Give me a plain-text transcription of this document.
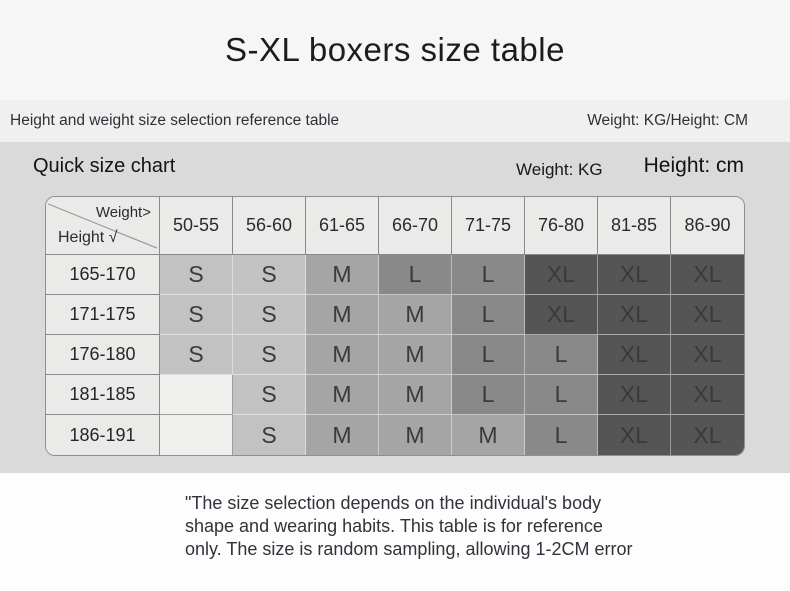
S-XL boxers size table
Height and weight size selection reference table	Weight: KG/Height: CM
Quick size chart	Weight: KG Height: cm
Weight>
Height √	50-55	56-60	61-65	66-70	71-75	76-80	81-85	86-90
165-170	S	S	M	L	L	XL	XL	XL
171-175	S	S	M	M	L	XL	XL	XL
176-180	S	S	M	M	L	L	XL	XL
181-185		S	M	M	L	L	XL	XL
186-191		S	M	M	M	L	XL	XL
"The size selection depends on the individual's body
shape and wearing habits. This table is for reference
only. The size is random sampling, allowing 1-2CM error
